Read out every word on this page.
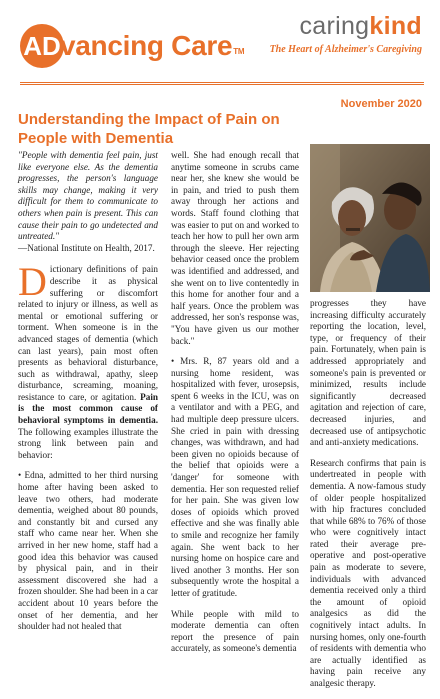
AD vancing Care™
caringkind
The Heart of Alzheimer's Caregiving
November 2020
Understanding the Impact of Pain on People with Dementia

"People with dementia feel pain, just like everyone else. As the dementia progresses, the person's language skills may change, making it very difficult for them to communicate to others when pain is present. This can cause their pain to go undetected and untreated."
—National Institute on Health, 2017.

Dictionary definitions of pain describe it as physical suffering or discomfort related to injury or illness, as well as mental or emotional suffering or torment. When someone is in the advanced stages of dementia (which can last years), pain most often presents as behavioral disturbance, such as withdrawal, apathy, sleep disturbance, screaming, moaning, resistance to care, or agitation. Pain is the most common cause of behavioral symptoms in dementia. The following examples illustrate the strong link between pain and behavior:

• Edna, admitted to her third nursing home after having been asked to leave two others, had moderate dementia, weighed about 80 pounds, and constantly bit and cursed any staff who came near her. When she arrived in her new home, staff had a good idea this behavior was caused by physical pain, and in their assessment discovered she had a frozen shoulder. She had been in a car accident about 10 years before the onset of her dementia, and her shoulder had not healed that

well. She had enough recall that anytime someone in scrubs came near her, she knew she would be in pain, and tried to push them away through her actions and words. Staff found clothing that was easier to put on and worked to teach her how to pull her own arm through the sleeve. Her rejecting behavior ceased once the problem was identified and addressed, and she went on to live contentedly in this home for another four and a half years. Once the problem was addressed, her son's response was, "You have given us our mother back."

• Mrs. R, 87 years old and a nursing home resident, was hospitalized with fever, urosepsis, spent 6 weeks in the ICU, was on a ventilator and with a PEG, and had multiple deep pressure ulcers. She cried in pain with dressing changes, was withdrawn, and had been given no opioids because of the belief that opioids were a 'danger' for someone with dementia. Her son requested relief for her pain. She was given low doses of opioids which proved effective and she was finally able to smile and recognize her family again. She went back to her nursing home on hospice care and lived another 3 months. Her son subsequently wrote the hospital a letter of gratitude.

While people with mild to moderate dementia can often report the presence of pain accurately, as someone's dementia

progresses they have increasing difficulty accurately reporting the location, level, type, or frequency of their pain. Fortunately, when pain is addressed appropriately and someone's pain is prevented or minimized, results include significantly decreased agitation and rejection of care, decreased injuries, and decreased use of antipsychotic and anti-anxiety medications.

Research confirms that pain is undertreated in people with dementia. A now-famous study of older people hospitalized with hip fractures concluded that while 68% to 76% of those who were cognitively intact rated their average pre-operative and post-operative pain as moderate to severe, individuals with advanced dementia received only a third the amount of opioid analgesics as did the cognitively intact adults. In nursing homes, only one-fourth of residents with dementia who are actually identified as having pain receive any analgesic therapy.
